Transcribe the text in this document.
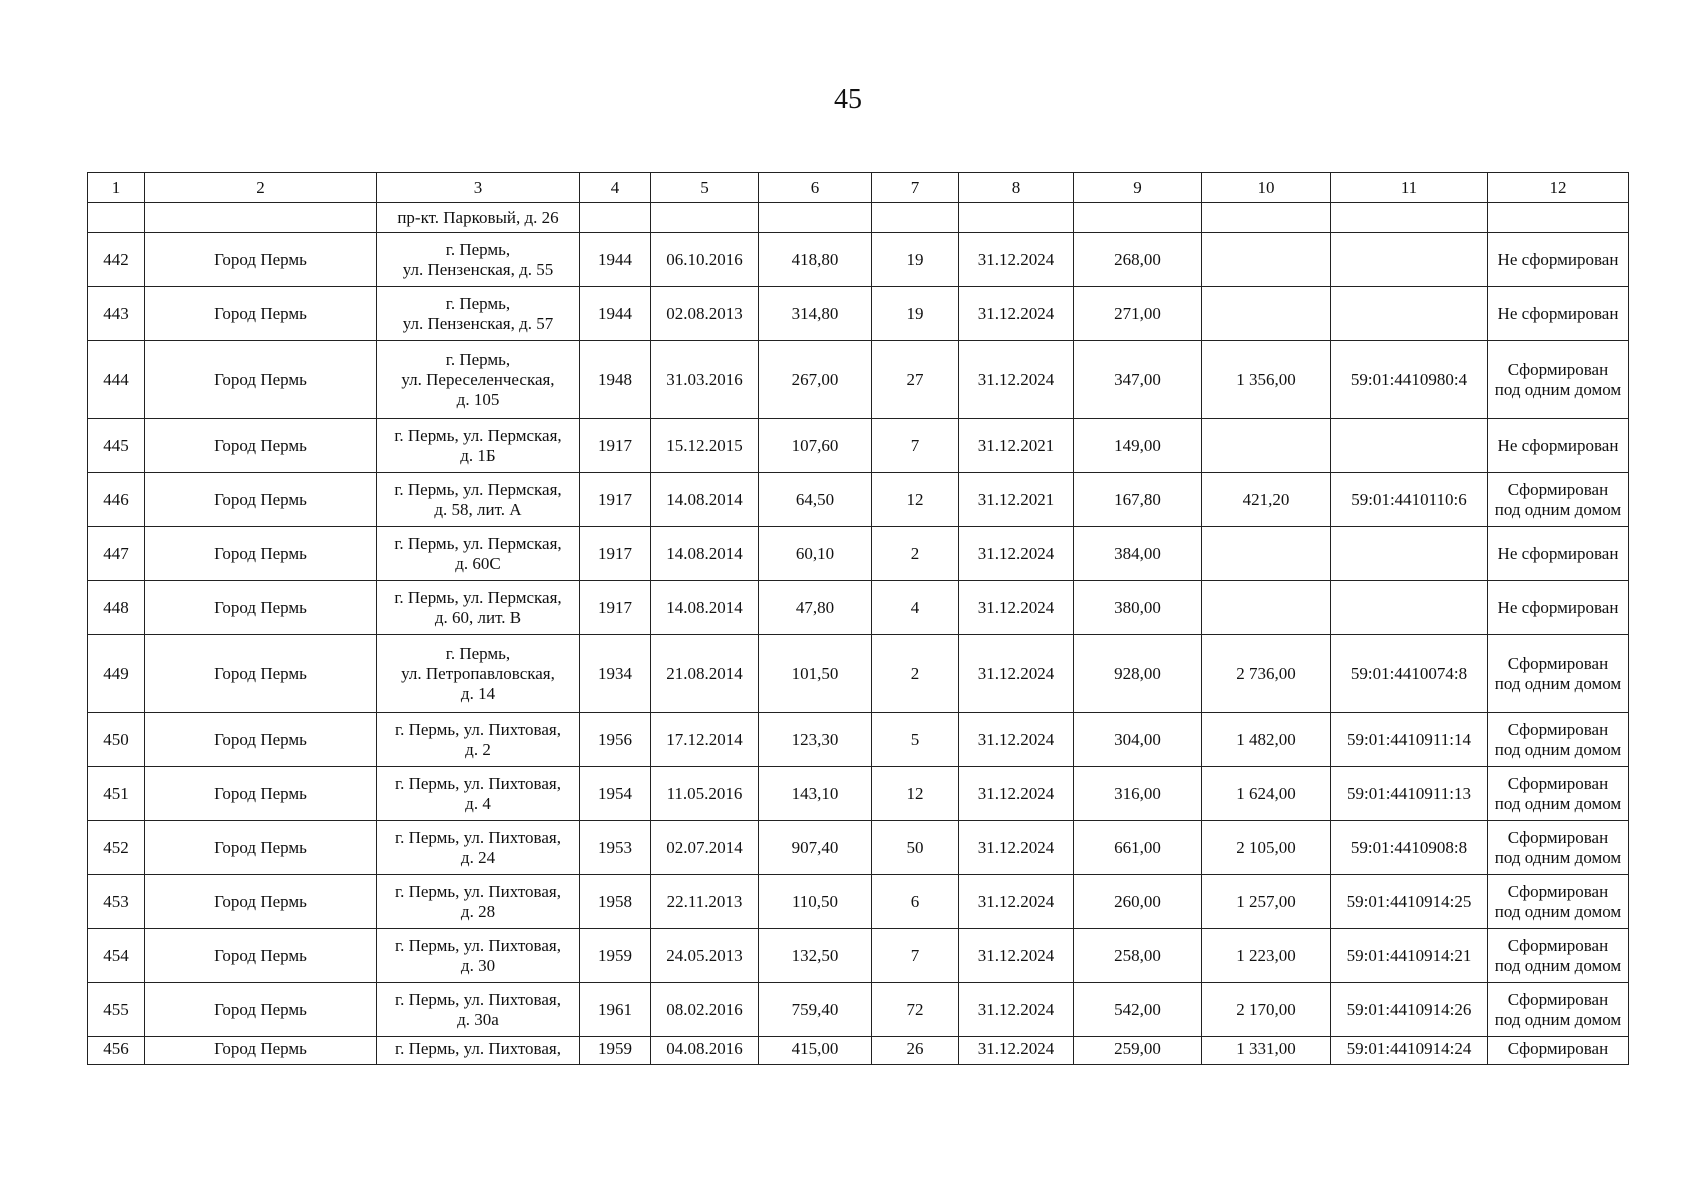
45
1	2	3	4	5	6	7	8	9	10	11	12
		пр-кт. Парковый, д. 26									
442	Город Пермь	г. Пермь,
ул. Пензенская, д. 55	1944	06.10.2016	418,80	19	31.12.2024	268,00			Не сформирован
443	Город Пермь	г. Пермь,
ул. Пензенская, д. 57	1944	02.08.2013	314,80	19	31.12.2024	271,00			Не сформирован
444	Город Пермь	г. Пермь,
ул. Переселенческая,
д. 105	1948	31.03.2016	267,00	27	31.12.2024	347,00	1 356,00	59:01:4410980:4	Сформирован
под одним домом
445	Город Пермь	г. Пермь, ул. Пермская,
д. 1Б	1917	15.12.2015	107,60	7	31.12.2021	149,00			Не сформирован
446	Город Пермь	г. Пермь, ул. Пермская,
д. 58, лит. А	1917	14.08.2014	64,50	12	31.12.2021	167,80	421,20	59:01:4410110:6	Сформирован
под одним домом
447	Город Пермь	г. Пермь, ул. Пермская,
д. 60С	1917	14.08.2014	60,10	2	31.12.2024	384,00			Не сформирован
448	Город Пермь	г. Пермь, ул. Пермская,
д. 60, лит. В	1917	14.08.2014	47,80	4	31.12.2024	380,00			Не сформирован
449	Город Пермь	г. Пермь,
ул. Петропавловская,
д. 14	1934	21.08.2014	101,50	2	31.12.2024	928,00	2 736,00	59:01:4410074:8	Сформирован
под одним домом
450	Город Пермь	г. Пермь, ул. Пихтовая,
д. 2	1956	17.12.2014	123,30	5	31.12.2024	304,00	1 482,00	59:01:4410911:14	Сформирован
под одним домом
451	Город Пермь	г. Пермь, ул. Пихтовая,
д. 4	1954	11.05.2016	143,10	12	31.12.2024	316,00	1 624,00	59:01:4410911:13	Сформирован
под одним домом
452	Город Пермь	г. Пермь, ул. Пихтовая,
д. 24	1953	02.07.2014	907,40	50	31.12.2024	661,00	2 105,00	59:01:4410908:8	Сформирован
под одним домом
453	Город Пермь	г. Пермь, ул. Пихтовая,
д. 28	1958	22.11.2013	110,50	6	31.12.2024	260,00	1 257,00	59:01:4410914:25	Сформирован
под одним домом
454	Город Пермь	г. Пермь, ул. Пихтовая,
д. 30	1959	24.05.2013	132,50	7	31.12.2024	258,00	1 223,00	59:01:4410914:21	Сформирован
под одним домом
455	Город Пермь	г. Пермь, ул. Пихтовая,
д. 30а	1961	08.02.2016	759,40	72	31.12.2024	542,00	2 170,00	59:01:4410914:26	Сформирован
под одним домом
456	Город Пермь	г. Пермь, ул. Пихтовая,	1959	04.08.2016	415,00	26	31.12.2024	259,00	1 331,00	59:01:4410914:24	Сформирован
